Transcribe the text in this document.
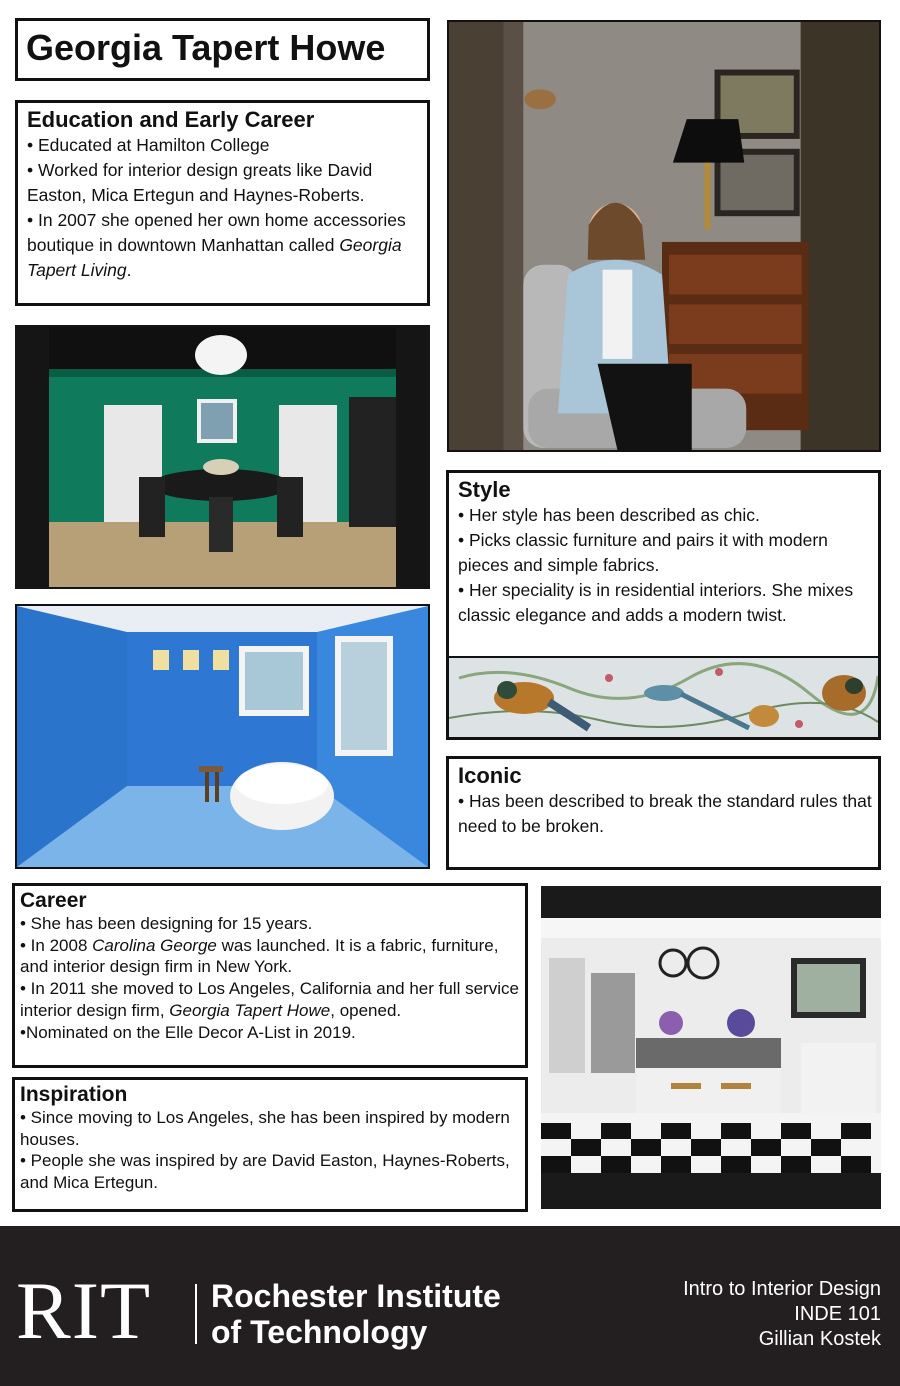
Georgia Tapert Howe
Education and Early Career
• Educated at Hamilton College
• Worked for interior design greats like David Easton, Mica Ertegun and Haynes-Roberts.
• In 2007 she opened her own home accessories boutique in downtown Manhattan called Georgia Tapert Living.
Style
• Her style has been described as chic.
• Picks classic furniture and pairs it with modern pieces and simple fabrics.
• Her speciality is in residential interiors. She mixes classic elegance and adds a modern twist.
Iconic
• Has been described to break the standard rules that need to be broken.
Career
• She has been designing for 15 years.
• In 2008 Carolina George was launched. It is a fabric, furniture, and interior design firm in New York.
• In 2011 she moved to Los Angeles, California and her full service interior design firm, Georgia Tapert Howe, opened.
•Nominated on the Elle Decor A-List in 2019.
Inspiration
• Since moving to Los Angeles, she has been inspired by modern houses.
• People she was inspired by are David Easton, Haynes-Roberts, and Mica Ertegun.
RIT Rochester Institute
of Technology
Intro to Interior Design
INDE 101
Gillian Kostek
